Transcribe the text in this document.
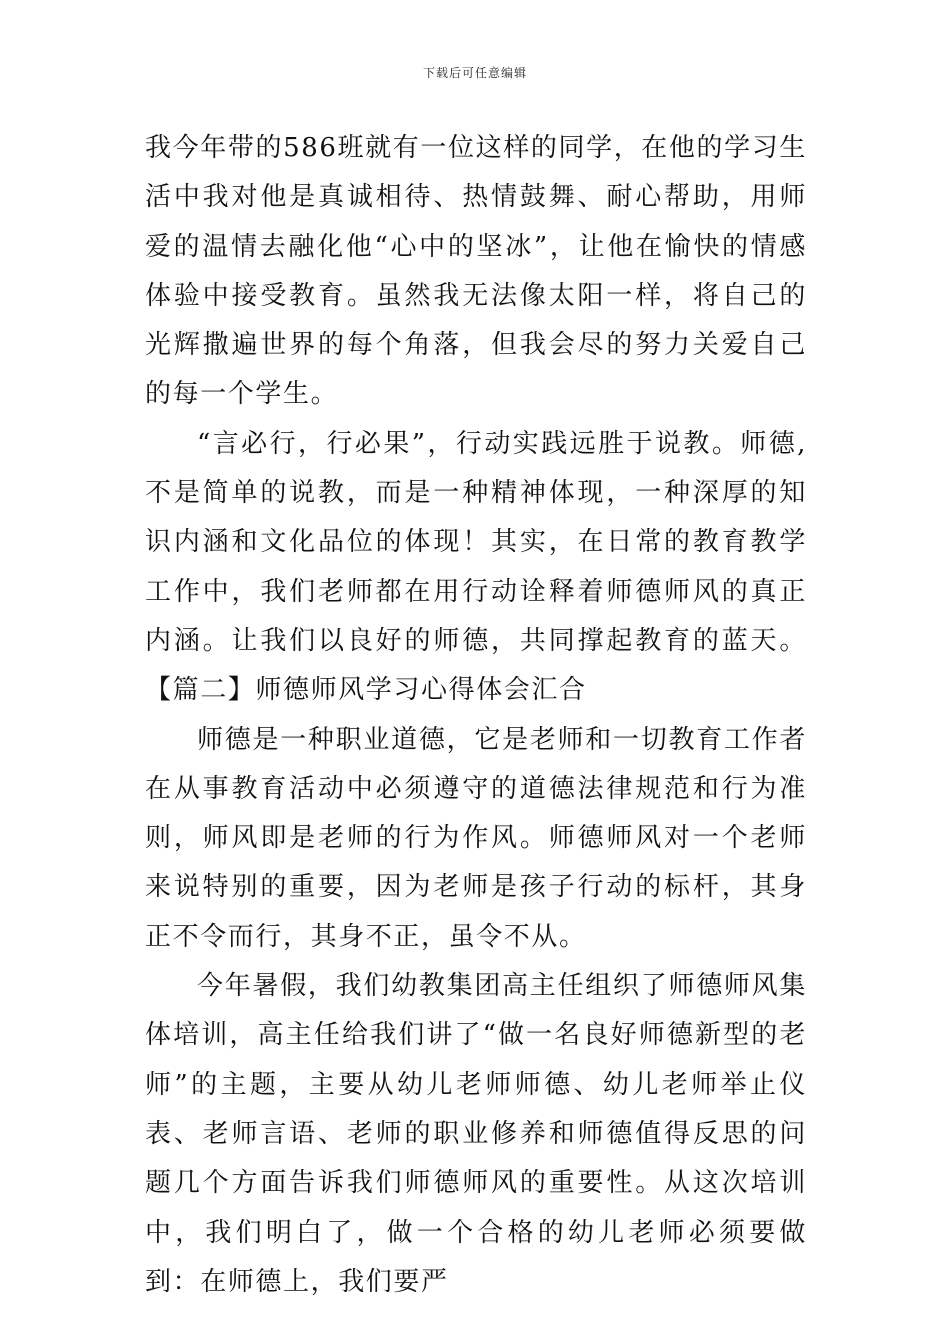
下载后可任意编辑

我今年带的586班就有一位这样的同学，在他的学习生活中我对他是真诚相待、热情鼓舞、耐心帮助，用师爱的温情去融化他“心中的坚冰”，让他在愉快的情感体验中接受教育。虽然我无法像太阳一样，将自己的光辉撒遍世界的每个角落，但我会尽的努力关爱自己的每一个学生。

“言必行，行必果”，行动实践远胜于说教。师德,不是简单的说教，而是一种精神体现，一种深厚的知识内涵和文化品位的体现！其实，在日常的教育教学工作中，我们老师都在用行动诠释着师德师风的真正内涵。让我们以良好的师德，共同撑起教育的蓝天。【篇二】师德师风学习心得体会汇合

师德是一种职业道德，它是老师和一切教育工作者在从事教育活动中必须遵守的道德法律规范和行为准则，师风即是老师的行为作风。师德师风对一个老师来说特别的重要，因为老师是孩子行动的标杆，其身正不令而行，其身不正，虽令不从。

今年暑假，我们幼教集团高主任组织了师德师风集体培训，高主任给我们讲了“做一名良好师德新型的老师”的主题，主要从幼儿老师师德、幼儿老师举止仪表、老师言语、老师的职业修养和师德值得反思的问题几个方面告诉我们师德师风的重要性。从这次培训中，我们明白了，做一个合格的幼儿老师必须要做到：在师德上，我们要严
